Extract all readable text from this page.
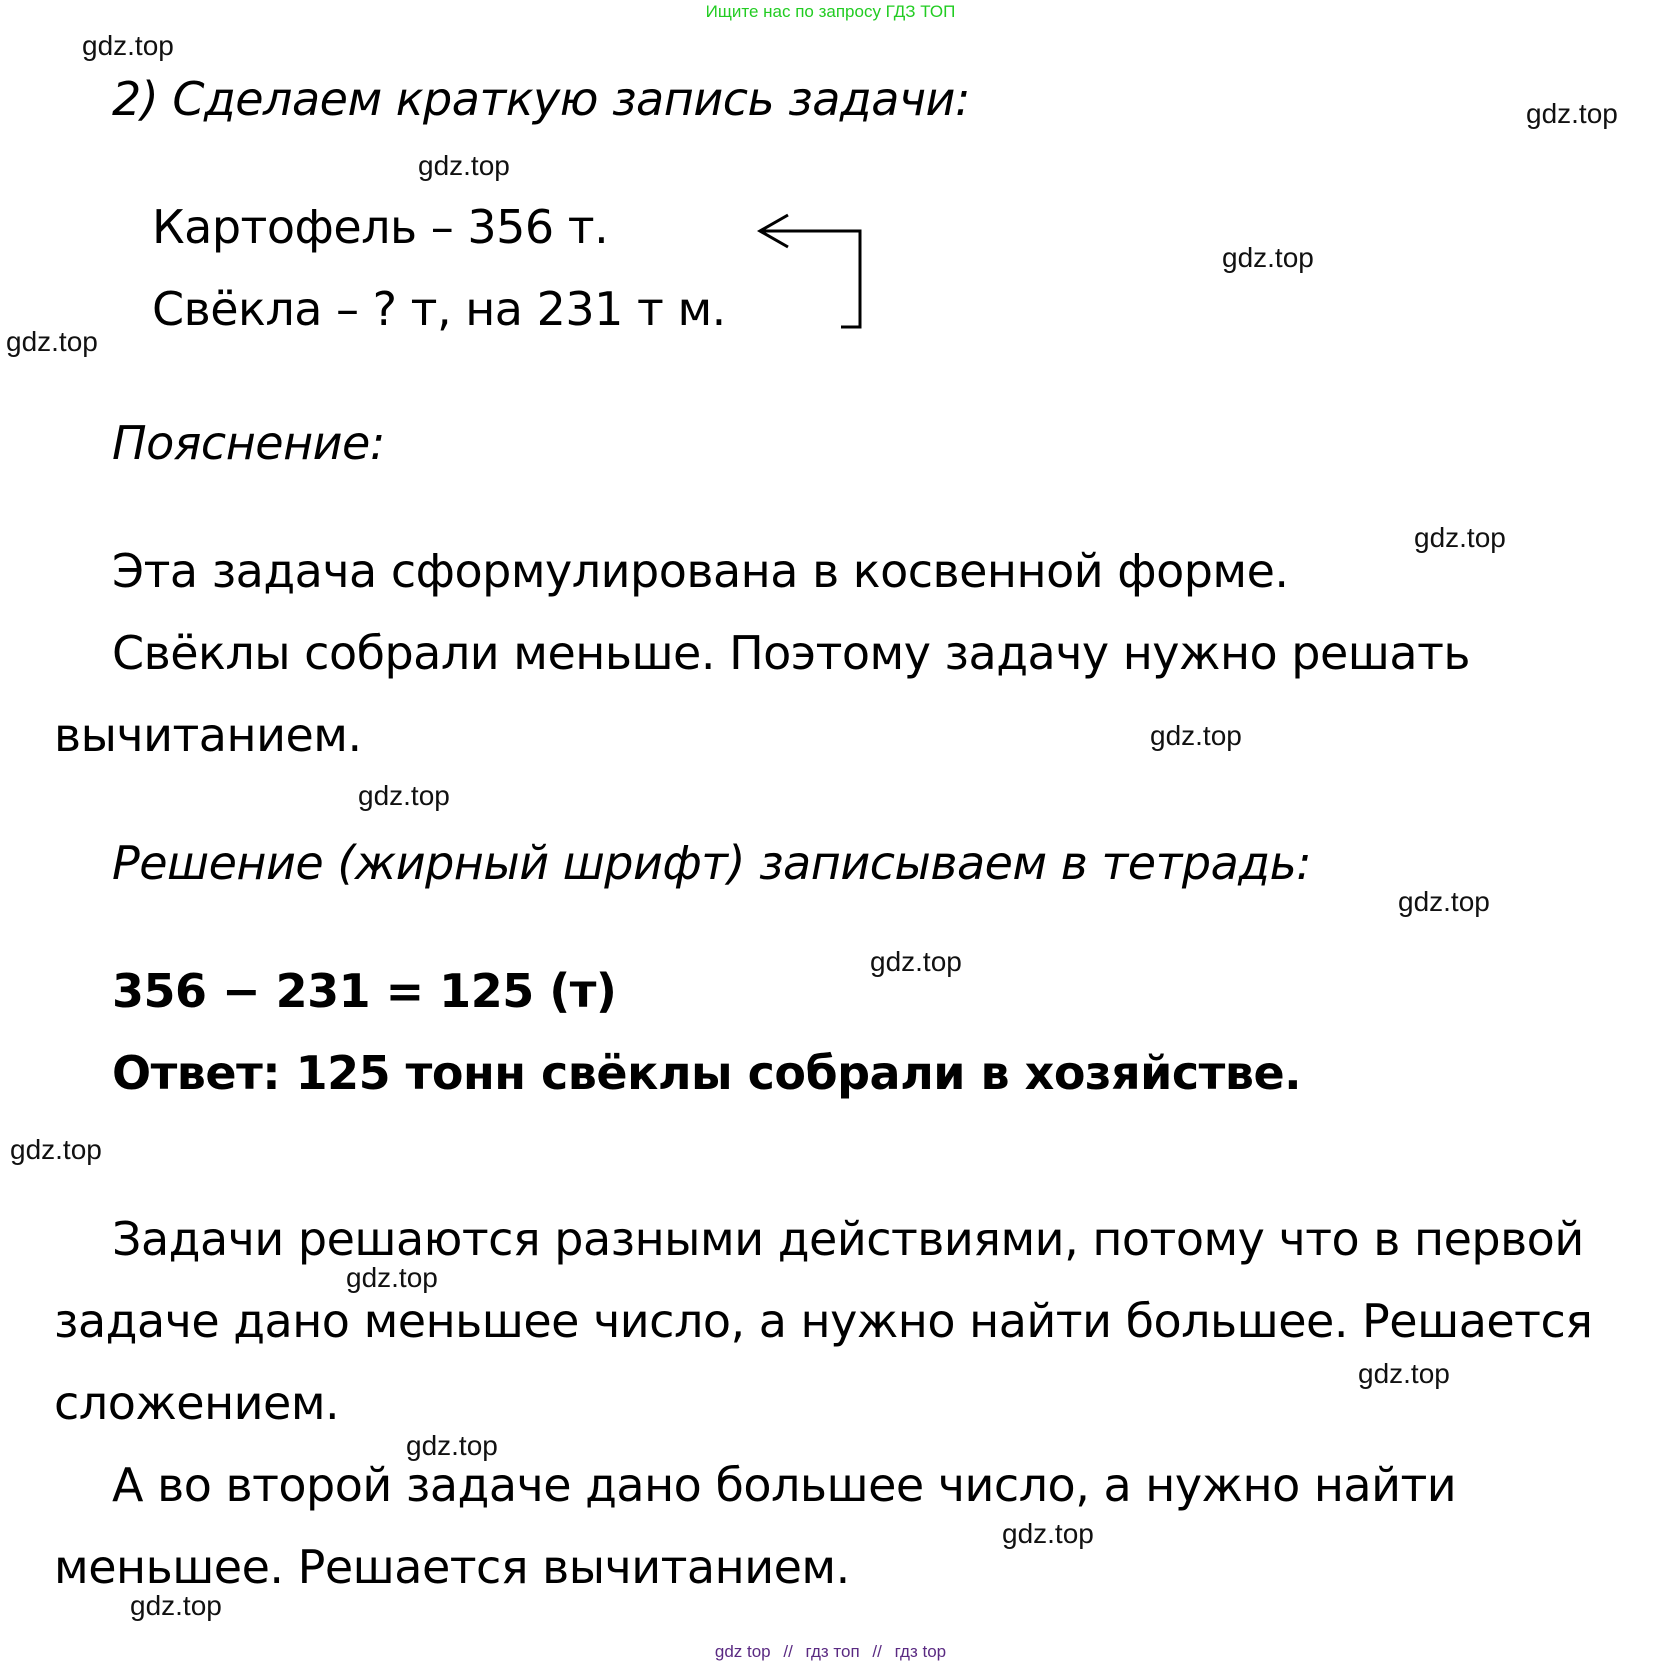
Ищите нас по запросу ГДЗ ТОП
2) Сделаем краткую запись задачи:
Картофель – 356 т.
Свёкла – ? т, на 231 т м.
Пояснение:
Эта задача сформулирована в косвенной форме.
Свёклы собрали меньше. Поэтому задачу нужно решать
вычитанием.
Решение (жирный шрифт) записываем в тетрадь:
356 − 231 = 125 (т)
Ответ: 125 тонн свёклы собрали в хозяйстве.
Задачи решаются разными действиями, потому что в первой
задаче дано меньшее число, а нужно найти большее. Решается
сложением.
А во второй задаче дано большее число, а нужно найти
меньшее. Решается вычитанием.
gdz.top
gdz.top
gdz.top
gdz.top
gdz.top
gdz.top
gdz.top
gdz.top
gdz.top
gdz.top
gdz.top
gdz.top
gdz.top
gdz.top
gdz.top
gdz.top
gdz top // гдз топ // гдз top
